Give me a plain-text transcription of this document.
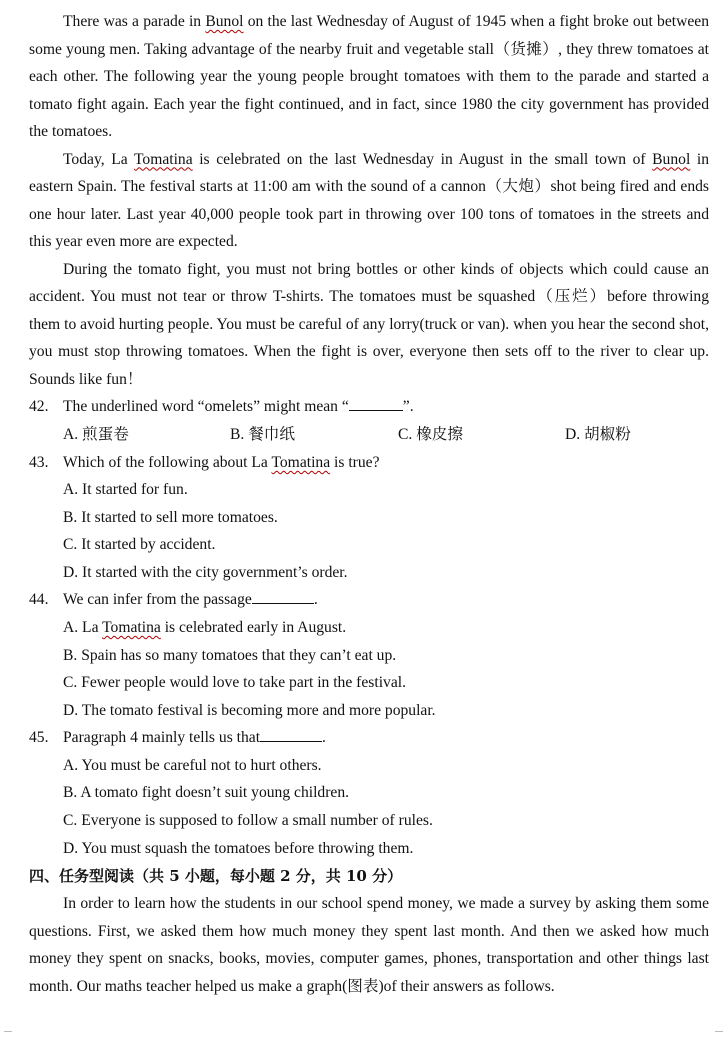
There was a parade in Bunol on the last Wednesday of August of 1945 when a fight broke out between some young men. Taking advantage of the nearby fruit and vegetable stall（货摊）, they threw tomatoes at each other. The following year the young people brought tomatoes with them to the parade and started a tomato fight again. Each year the fight continued, and in fact, since 1980 the city government has provided the tomatoes.

Today, La Tomatina is celebrated on the last Wednesday in August in the small town of Bunol in eastern Spain. The festival starts at 11:00 am with the sound of a cannon（大炮）shot being fired and ends one hour later. Last year 40,000 people took part in throwing over 100 tons of tomatoes in the streets and this year even more are expected.

During the tomato fight, you must not bring bottles or other kinds of objects which could cause an accident. You must not tear or throw T-shirts. The tomatoes must be squashed（压烂）before throwing them to avoid hurting people. You must be careful of any lorry(truck or van). when you hear the second shot, you must stop throwing tomatoes. When the fight is over, everyone then sets off to the river to clear up. Sounds like fun！

42. The underlined word “omelets” might mean “	”.
A. 煎蛋卷	B. 餐巾纸	C. 橡皮擦	D. 胡椒粉
43. Which of the following about La Tomatina is true?
A. It started for fun.
B. It started to sell more tomatoes.
C. It started by accident.
D. It started with the city government’s order.
44. We can infer from the passage	.
A. La Tomatina is celebrated early in August.
B. Spain has so many tomatoes that they can’t eat up.
C. Fewer people would love to take part in the festival.
D. The tomato festival is becoming more and more popular.
45. Paragraph 4 mainly tells us that	.
A. You must be careful not to hurt others.
B. A tomato fight doesn’t suit young children.
C. Everyone is supposed to follow a small number of rules.
D. You must squash the tomatoes before throwing them.
四、任务型阅读（共 5 小题，每小题 2 分，共 10 分）

In order to learn how the students in our school spend money, we made a survey by asking them some questions. First, we asked them how much money they spent last month. And then we asked how much money they spent on snacks, books, movies, computer games, phones, transportation and other things last month. Our maths teacher helped us make a graph(图表)of their answers as follows.
